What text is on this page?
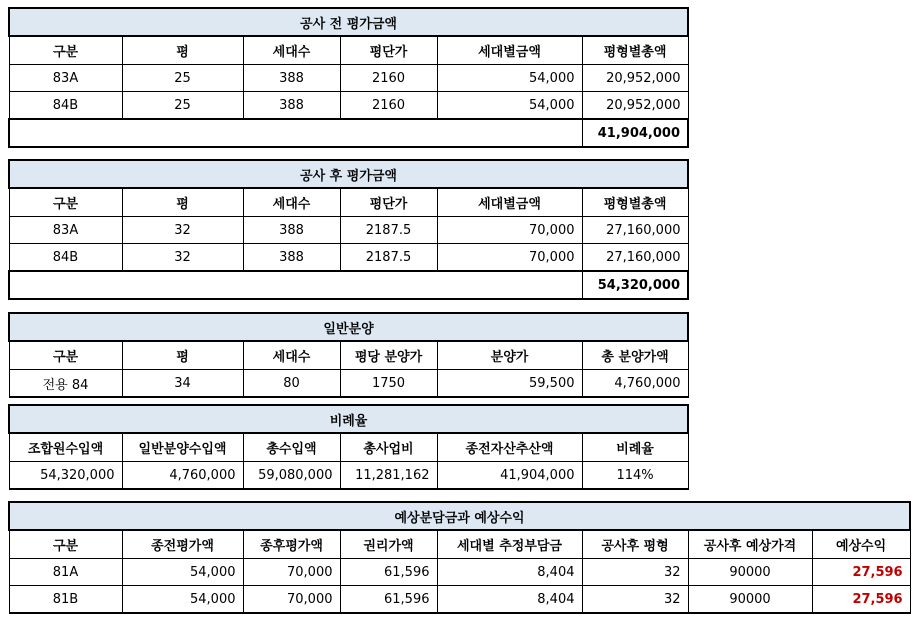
공사 전 평가금액					
구분	평	세대수	평단가	세대별금액	평형별총액
83A	25	388	2160	54,000	20,952,000
84B	25	388	2160	54,000	20,952,000
					41,904,000
공사 후 평가금액					
구분	평	세대수	평단가	세대별금액	평형별총액
83A	32	388	2187.5	70,000	27,160,000
84B	32	388	2187.5	70,000	27,160,000
					54,320,000
일반분양					
구분	평	세대수	평당 분양가	분양가	총 분양가액
전용 84	34	80	1750	59,500	4,760,000
비례율					
조합원수입액	일반분양수입액	총수입액	총사업비	종전자산추산액	비례율
54,320,000	4,760,000	59,080,000	11,281,162	41,904,000	114%
예상분담금과 예상수익							
구분	종전평가액	종후평가액	권리가액	세대별 추정부담금	공사후 평형	공사후 예상가격	예상수익
81A	54,000	70,000	61,596	8,404	32	90000	27,596
81B	54,000	70,000	61,596	8,404	32	90000	27,596
